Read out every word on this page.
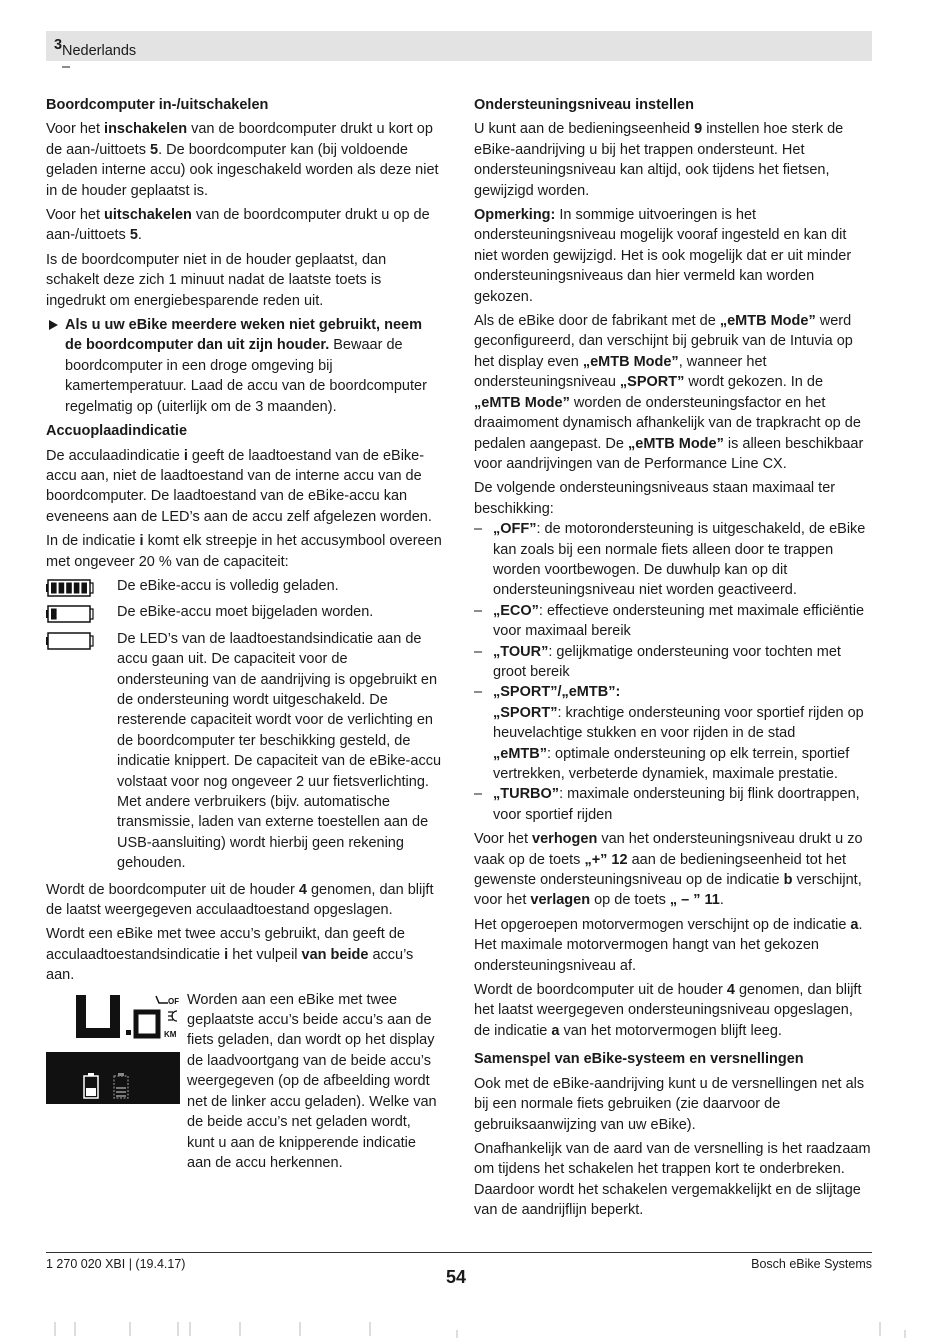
Nederlands –
3
Boordcomputer in-/uitschakelen

Voor het inschakelen van de boordcomputer drukt u kort op de aan-/uittoets 5. De boordcomputer kan (bij voldoende geladen interne accu) ook ingeschakeld worden als deze niet in de houder geplaatst is.

Voor het uitschakelen van de boordcomputer drukt u op de aan-/uittoets 5.

Is de boordcomputer niet in de houder geplaatst, dan schakelt deze zich 1 minuut nadat de laatste toets is ingedrukt om energiebesparende reden uit.

Als u uw eBike meerdere weken niet gebruikt, neem de boordcomputer dan uit zijn houder. Bewaar de boordcomputer in een droge omgeving bij kamertemperatuur. Laad de accu van de boordcomputer regelmatig op (uiterlijk om de 3 maanden).
Accuoplaadindicatie

De acculaadindicatie i geeft de laadtoestand van de eBike-accu aan, niet de laadtoestand van de interne accu van de boordcomputer. De laadtoestand van de eBike-accu kan eveneens aan de LED’s aan de accu zelf afgelezen worden.

In de indicatie i komt elk streepje in het accusymbool overeen met ongeveer 20 % van de capaciteit:

De eBike-accu is volledig geladen.
De eBike-accu moet bijgeladen worden.
De LED’s van de laadtoestandsindicatie aan de accu gaan uit. De capaciteit voor de ondersteuning van de aandrijving is opgebruikt en de ondersteuning wordt uitgeschakeld. De resterende capaciteit wordt voor de verlichting en de boordcomputer ter beschikking gesteld, de indicatie knippert. De capaciteit van de eBike-accu volstaat voor nog ongeveer 2 uur fietsverlichting. Met andere verbruikers (bijv. automatische transmissie, laden van externe toestellen aan de USB-aansluiting) wordt hierbij geen rekening gehouden.

Wordt de boordcomputer uit de houder 4 genomen, dan blijft de laatst weergegeven acculaadtoestand opgeslagen.

Wordt een eBike met twee accu’s gebruikt, dan geeft de acculaadtoestandsindicatie i het vulpeil van beide accu’s aan.

OF
KM
Worden aan een eBike met twee geplaatste accu’s beide accu’s aan de fiets geladen, dan wordt op het display de laadvoortgang van de beide accu’s weergegeven (op de afbeelding wordt net de linker accu geladen). Welke van de beide accu’s net geladen wordt, kunt u aan de knipperende indicatie aan de accu herkennen.
Ondersteuningsniveau instellen

U kunt aan de bedieningseenheid 9 instellen hoe sterk de eBike-aandrijving u bij het trappen ondersteunt. Het ondersteuningsniveau kan altijd, ook tijdens het fietsen, gewijzigd worden.

Opmerking: In sommige uitvoeringen is het ondersteuningsniveau mogelijk vooraf ingesteld en kan dit niet worden gewijzigd. Het is ook mogelijk dat er uit minder ondersteuningsniveaus dan hier vermeld kan worden gekozen.

Als de eBike door de fabrikant met de „eMTB Mode” werd geconfigureerd, dan verschijnt bij gebruik van de Intuvia op het display even „eMTB Mode”, wanneer het ondersteuningsniveau „SPORT” wordt gekozen. In de „eMTB Mode” worden de ondersteuningsfactor en het draaimoment dynamisch afhankelijk van de trapkracht op de pedalen aangepast. De „eMTB Mode” is alleen beschikbaar voor aandrijvingen van de Performance Line CX.

De volgende ondersteuningsniveaus staan maximaal ter beschikking:

– „OFF”: de motorondersteuning is uitgeschakeld, de eBike kan zoals bij een normale fiets alleen door te trappen worden voortbewogen. De duwhulp kan op dit ondersteuningsniveau niet worden geactiveerd.
– „ECO”: effectieve ondersteuning met maximale efficiëntie voor maximaal bereik
– „TOUR”: gelijkmatige ondersteuning voor tochten met groot bereik
– „SPORT”/„eMTB”:
„SPORT”: krachtige ondersteuning voor sportief rijden op heuvelachtige stukken en voor rijden in de stad
„eMTB”: optimale ondersteuning op elk terrein, sportief vertrekken, verbeterde dynamiek, maximale prestatie.
– „TURBO”: maximale ondersteuning bij flink doortrappen, voor sportief rijden

Voor het verhogen van het ondersteuningsniveau drukt u zo vaak op de toets „+” 12 aan de bedieningseenheid tot het gewenste ondersteuningsniveau op de indicatie b verschijnt, voor het verlagen op de toets „ – ” 11.

Het opgeroepen motorvermogen verschijnt op de indicatie a. Het maximale motorvermogen hangt van het gekozen ondersteuningsniveau af.

Wordt de boordcomputer uit de houder 4 genomen, dan blijft het laatst weergegeven ondersteuningsniveau opgeslagen, de indicatie a van het motorvermogen blijft leeg.

Samenspel van eBike-systeem en versnellingen

Ook met de eBike-aandrijving kunt u de versnellingen net als bij een normale fiets gebruiken (zie daarvoor de gebruiksaanwijzing van uw eBike).

Onafhankelijk van de aard van de versnelling is het raadzaam om tijdens het schakelen het trappen kort te onderbreken. Daardoor wordt het schakelen vergemakkelijkt en de slijtage van de aandrijflijn beperkt.

1 270 020 XBI | (19.4.17)
54
Bosch eBike Systems
